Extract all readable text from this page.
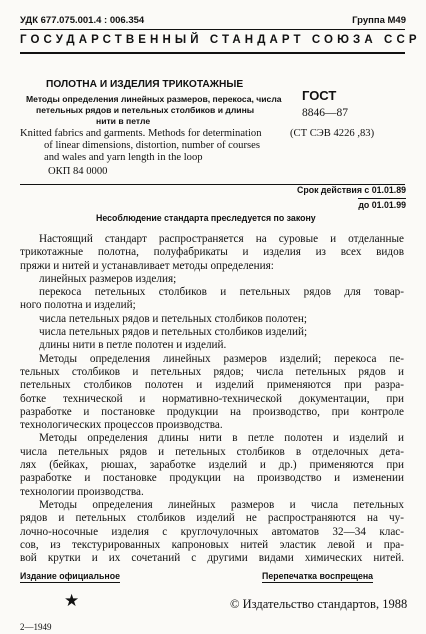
УДК 677.075.001.4 : 006.354	Группа М49
ГОСУДАРСТВЕННЫЙ СТАНДАРТ СОЮЗА ССР
ПОЛОТНА И ИЗДЕЛИЯ ТРИКОТАЖНЫЕ
Методы определения линейных размеров, перекоса, числа
петельных рядов и петельных столбиков и длины
нити в петле
Knitted fabrics and garments. Methods for determination
of linear dimensions, distortion, number of courses
and wales and yarn length in the loop
ОКП 84 0000
ГОСТ
8846—87
(СТ СЭВ 4226 ,83)
Срок действия с 01.01.89
до 01.01.99
Несоблюдение стандарта преследуется по закону
Настоящий стандарт распространяется на суровые и отделанные
трикотажные полотна, полуфабрикаты и изделия из всех видов
пряжи и нитей и устанавливает методы определения:
линейных размеров изделия;
перекоса петельных столбиков и петельных рядов для товар-
ного полотна и изделий;
числа петельных рядов и петельных столбиков полотен;
числа петельных рядов и петельных столбиков изделий;
длины нити в петле полотен и изделий.
Методы определения линейных размеров изделий; перекоса пе-
тельных столбиков и петельных рядов; числа петельных рядов и
петельных столбиков полотен и изделий применяются при разра-
ботке технической и нормативно-технической документации, при
разработке и постановке продукции на производство, при контроле
технологических процессов производства.
Методы определения длины нити в петле полотен и изделий и
числа петельных рядов и петельных столбиков в отделочных дета-
лях (бейках, рюшах, заработке изделий и др.) применяются при
разработке и постановке продукции на производство и изменении
технологии производства.
Методы определения линейных размеров и числа петельных
рядов и петельных столбиков изделий не распространяются на чу-
лочно-носочные изделия с круглочулочных автоматов 32—34 клас-
сов, из текстурированных капроновых нитей эластик левой и пра-
вой крутки и их сочетаний с другими видами химических нитей.
Издание официальное	Перепечатка воспрещена
★	© Издательство стандартов, 1988
2—1949
